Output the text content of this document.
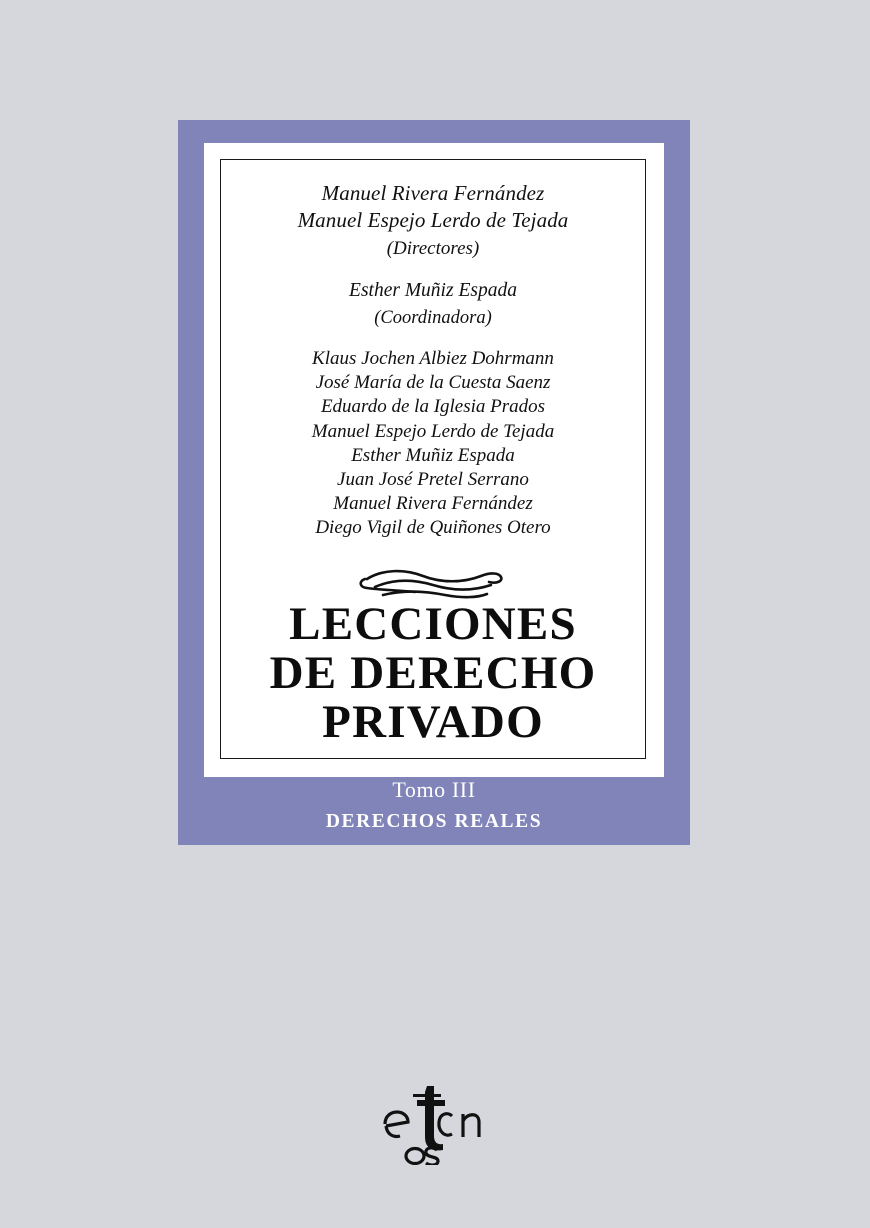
Manuel Rivera Fernández
Manuel Espejo Lerdo de Tejada
(Directores)
Esther Muñiz Espada
(Coordinadora)
Klaus Jochen Albiez Dohrmann
José María de la Cuesta Saenz
Eduardo de la Iglesia Prados
Manuel Espejo Lerdo de Tejada
Esther Muñiz Espada
Juan José Pretel Serrano
Manuel Rivera Fernández
Diego Vigil de Quiñones Otero
LECCIONES
DE DERECHO
PRIVADO
Tomo III
DERECHOS REALES
